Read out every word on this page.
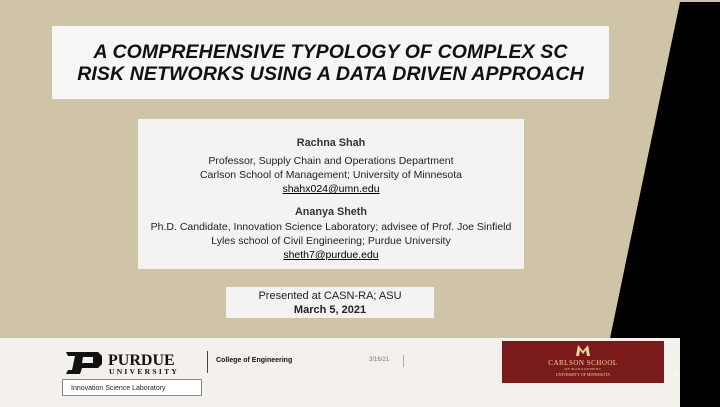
A COMPREHENSIVE TYPOLOGY OF COMPLEX SC
RISK NETWORKS USING A DATA DRIVEN APPROACH
Rachna Shah
Professor, Supply Chain and Operations Department
Carlson School of Management; University of Minnesota
shahx024@umn.edu
Ananya Sheth
Ph.D. Candidate, Innovation Science Laboratory; advisee of Prof. Joe Sinfield
Lyles school of Civil Engineering; Purdue University
sheth7@purdue.edu
Presented at CASN-RA; ASU
March 5, 2021
PURDUE
UNIVERSITY
College of Engineering
Innovation Science Laboratory
3/16/21	CARLSON SCHOOL
OF MANAGEMENT
UNIVERSITY OF MINNESOTA	1
